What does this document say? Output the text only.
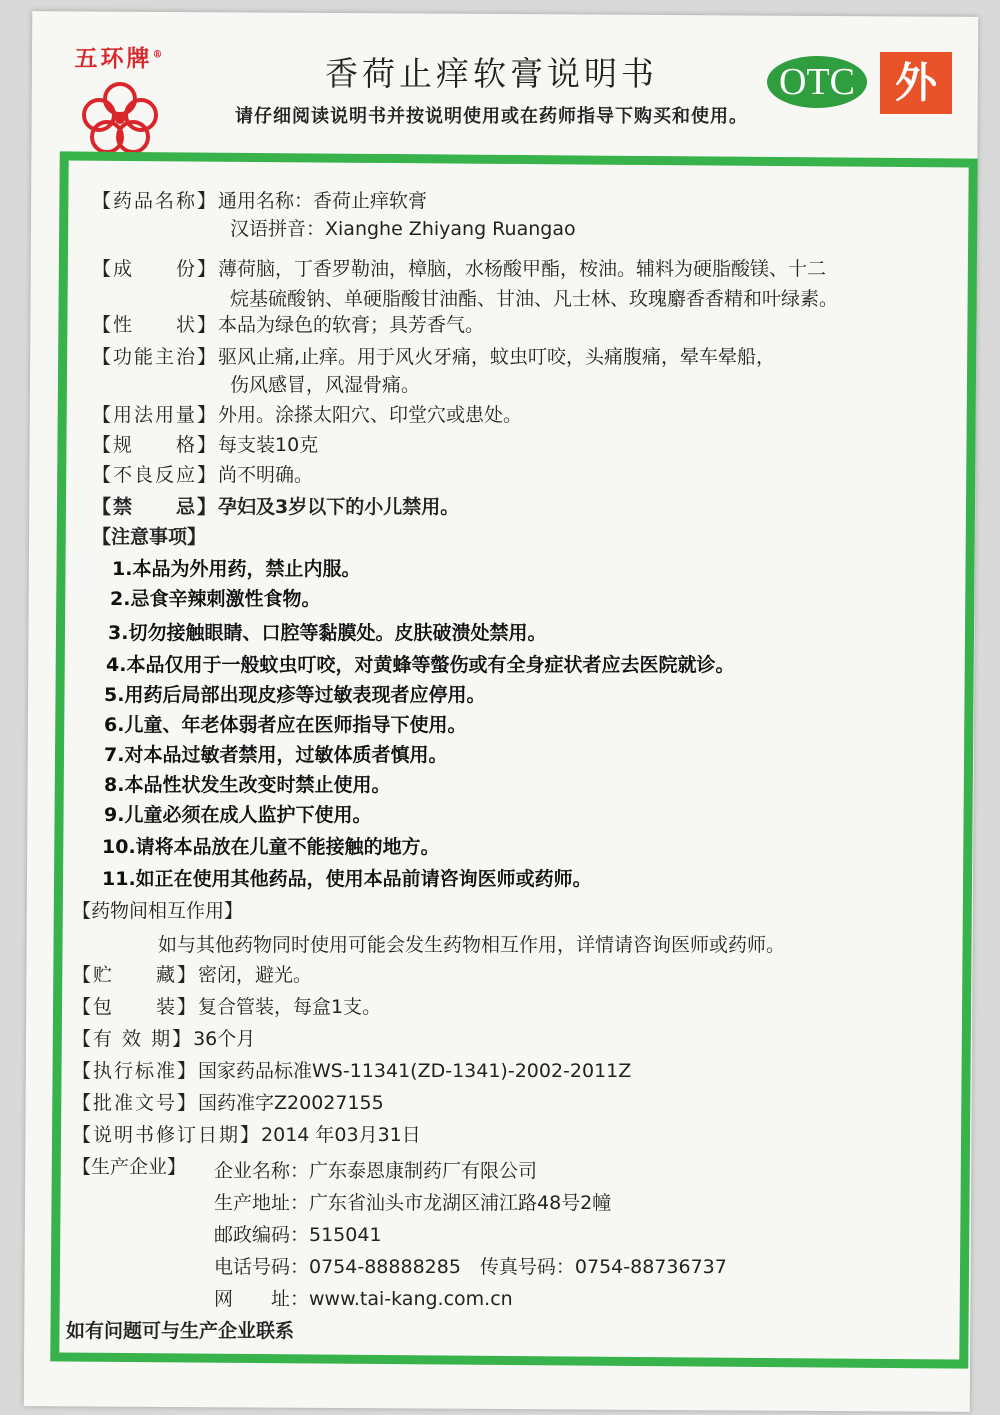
五环牌®	香荷止痒软膏说明书
请仔细阅读说明书并按说明使用或在药师指导下购买和使用。
OTC 外
【药品名称】通用名称：香荷止痒软膏
汉语拼音：Xianghe Zhiyang Ruangao
【成　　份】薄荷脑，丁香罗勒油，樟脑，水杨酸甲酯，桉油。辅料为硬脂酸镁、十二
烷基硫酸钠、单硬脂酸甘油酯、甘油、凡士林、玫瑰麝香香精和叶绿素。
【性　　状】本品为绿色的软膏；具芳香气。
【功能主治】驱风止痛,止痒。用于风火牙痛，蚊虫叮咬，头痛腹痛，晕车晕船，
伤风感冒，风湿骨痛。
【用法用量】外用。涂搽太阳穴、印堂穴或患处。
【规　　格】每支装10克
【不良反应】尚不明确。
【禁　　忌】孕妇及3岁以下的小儿禁用。
【注意事项】
1.本品为外用药，禁止内服。
2.忌食辛辣刺激性食物。
3.切勿接触眼睛、口腔等黏膜处。皮肤破溃处禁用。
4.本品仅用于一般蚊虫叮咬，对黄蜂等螫伤或有全身症状者应去医院就诊。
5.用药后局部出现皮疹等过敏表现者应停用。
6.儿童、年老体弱者应在医师指导下使用。
7.对本品过敏者禁用，过敏体质者慎用。
8.本品性状发生改变时禁止使用。
9.儿童必须在成人监护下使用。
10.请将本品放在儿童不能接触的地方。
11.如正在使用其他药品，使用本品前请咨询医师或药师。
【药物间相互作用】
如与其他药物同时使用可能会发生药物相互作用，详情请咨询医师或药师。
【贮　　藏】密闭，避光。
【包　　装】复合管装，每盒1支。
【有 效 期】36个月
【执行标准】国家药品标准WS-11341(ZD-1341)-2002-2011Z
【批准文号】国药准字Z20027155
【说明书修订日期】2014 年03月31日
【生产企业】 企业名称：广东泰恩康制药厂有限公司
生产地址：广东省汕头市龙湖区浦江路48号2幢
邮政编码：515041
电话号码：0754-88888285　传真号码：0754-88736737
网　　址：www.tai-kang.com.cn
如有问题可与生产企业联系
